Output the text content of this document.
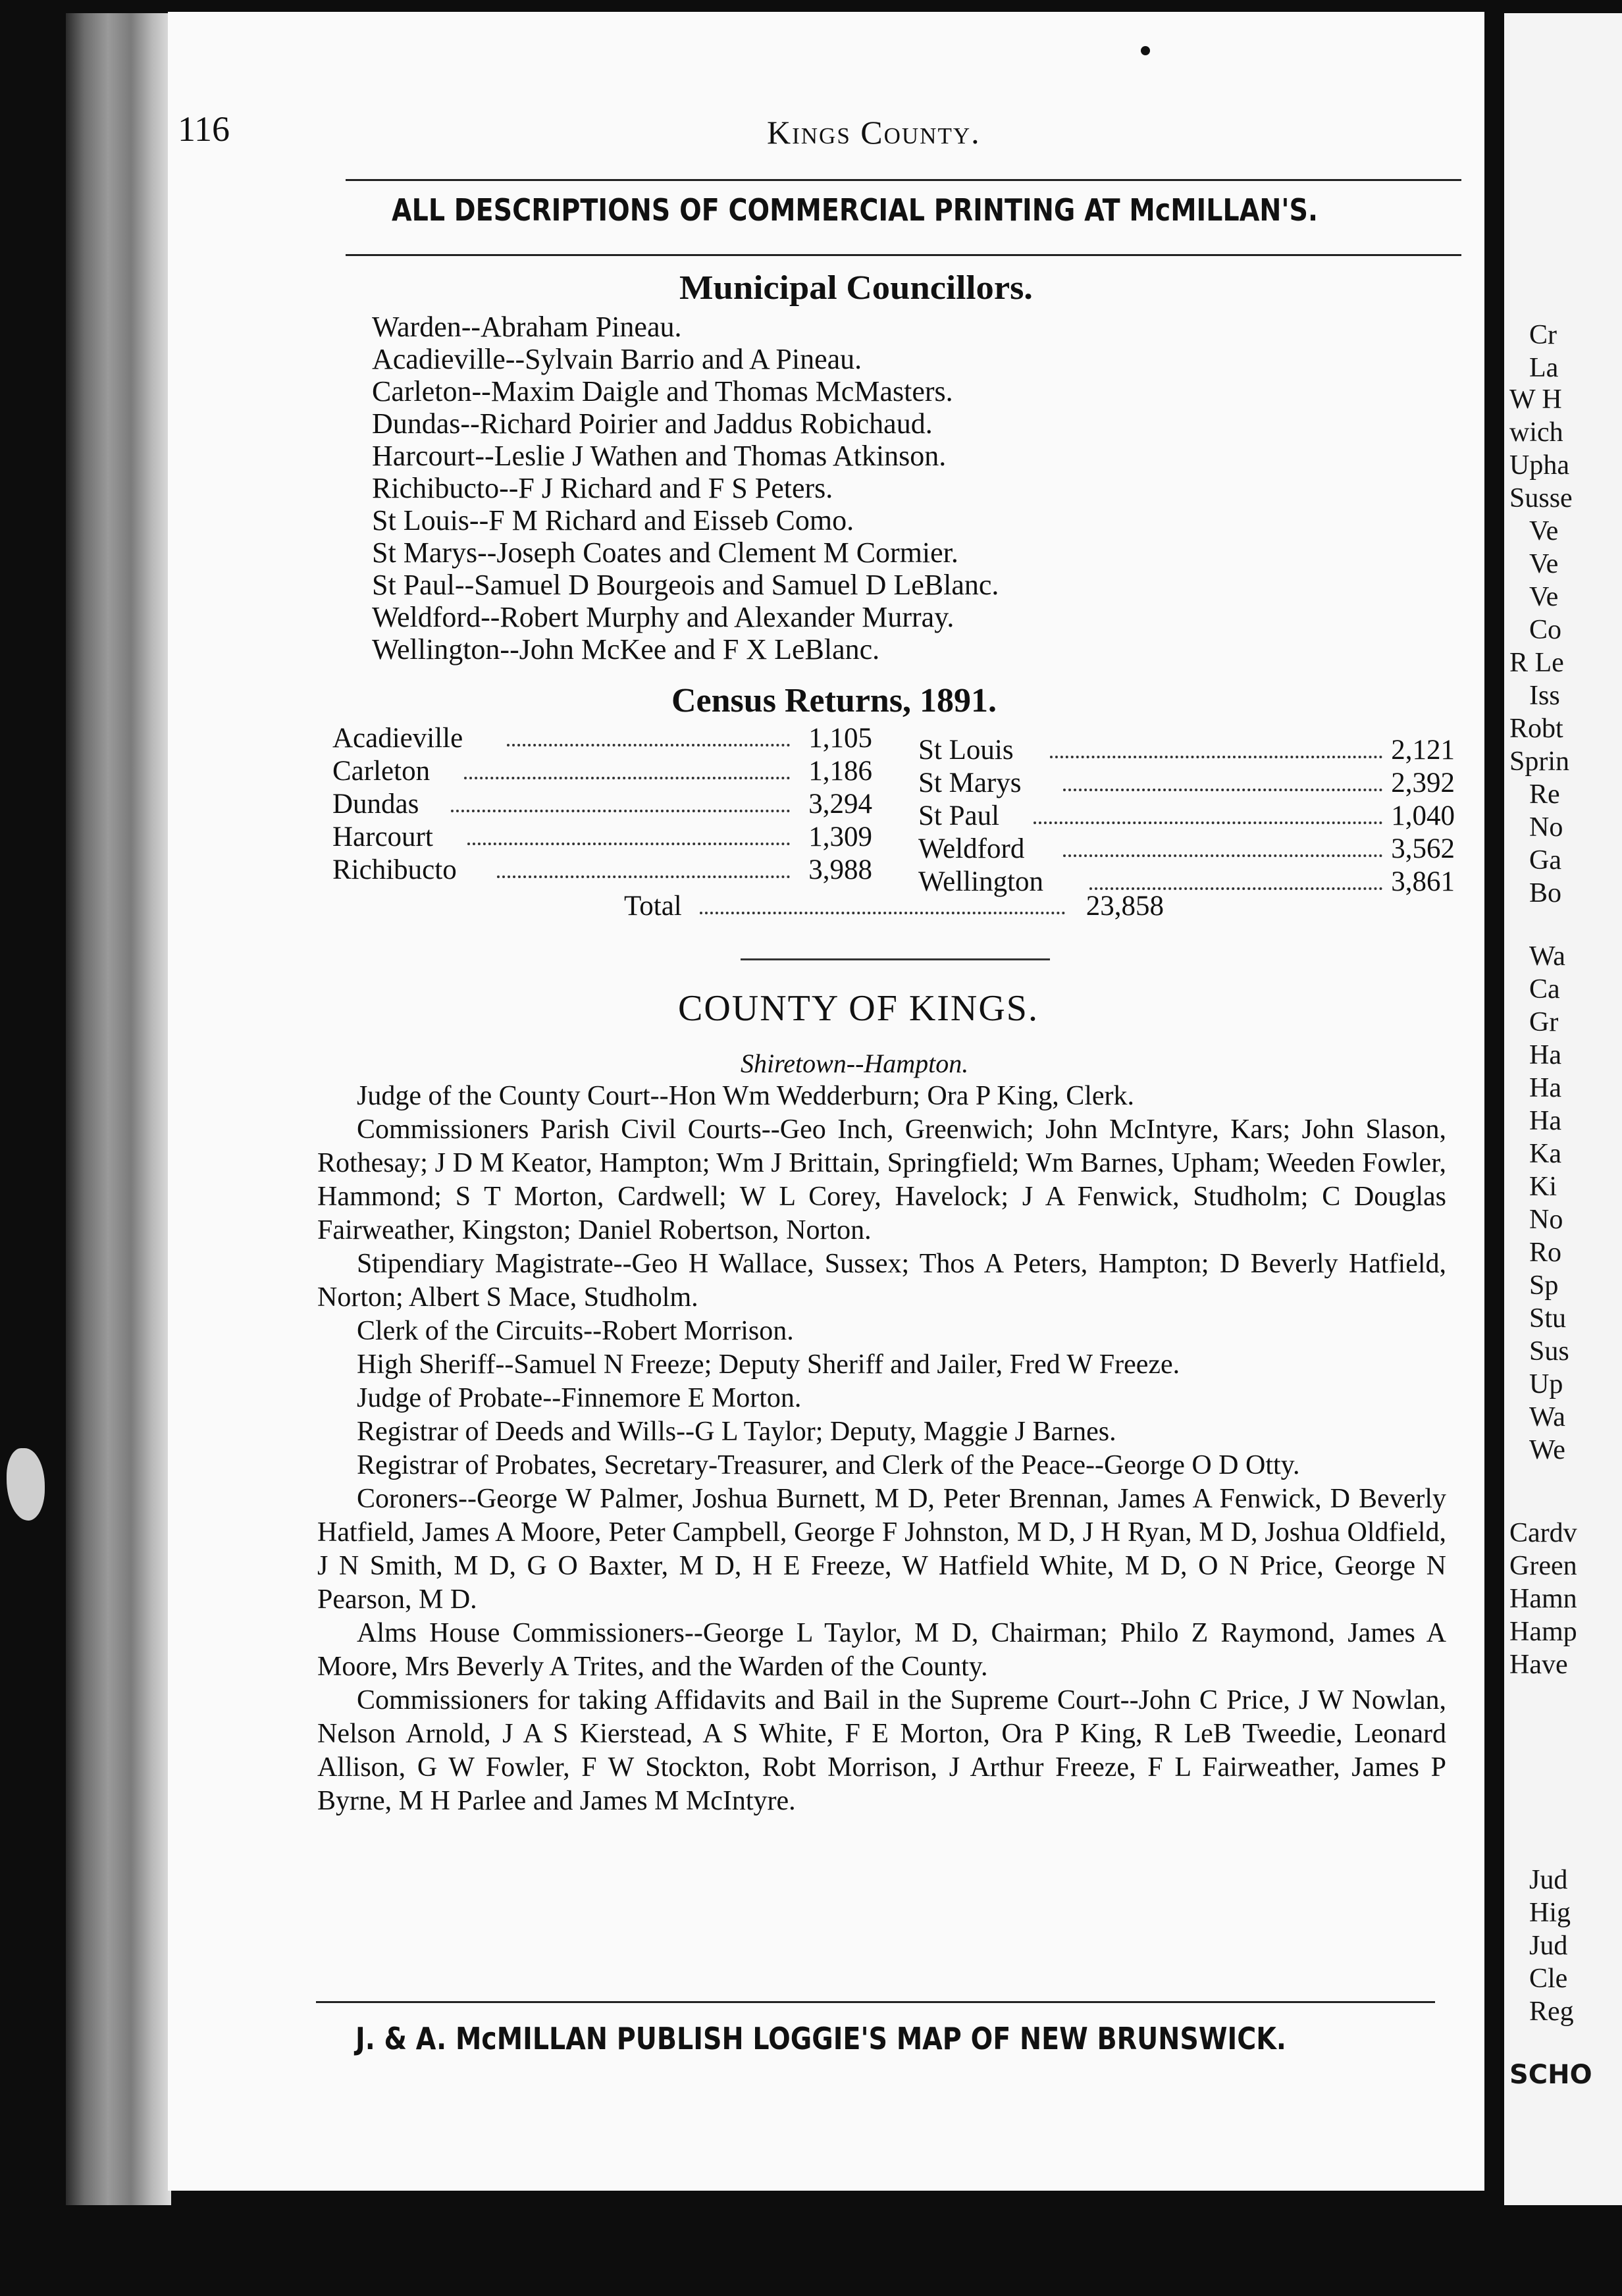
116	Kings County.
ALL DESCRIPTIONS OF COMMERCIAL PRINTING AT McMILLAN'S.
Municipal Councillors.
Warden--Abraham Pineau.
Acadieville--Sylvain Barrio and A Pineau.
Carleton--Maxim Daigle and Thomas McMasters.
Dundas--Richard Poirier and Jaddus Robichaud.
Harcourt--Leslie J Wathen and Thomas Atkinson.
Richibucto--F J Richard and F S Peters.
St Louis--F M Richard and Eisseb Como.
St Marys--Joseph Coates and Clement M Cormier.
St Paul--Samuel D Bourgeois and Samuel D LeBlanc.
Weldford--Robert Murphy and Alexander Murray.
Wellington--John McKee and F X LeBlanc.
Census Returns, 1891.
Acadieville	1,105
Carleton	1,186
Dundas	3,294
Harcourt	1,309
Richibucto	3,988
St Louis	2,121
St Marys	2,392
St Paul	1,040
Weldford	3,562
Wellington	3,861
Total	23,858
COUNTY OF KINGS.
Shiretown--Hampton.

Judge of the County Court--Hon Wm Wedderburn; Ora P King, Clerk.

Commissioners Parish Civil Courts--Geo Inch, Greenwich; John McIntyre, Kars; John Slason, Rothesay; J D M Keator, Hampton; Wm J Brittain, Springfield; Wm Barnes, Upham; Weeden Fowler, Hammond; S T Morton, Cardwell; W L Corey, Havelock; J A Fenwick, Studholm; C Douglas Fairweather, Kingston; Daniel Robertson, Norton.

Stipendiary Magistrate--Geo H Wallace, Sussex; Thos A Peters, Hampton; D Beverly Hatfield, Norton; Albert S Mace, Studholm.

Clerk of the Circuits--Robert Morrison.

High Sheriff--Samuel N Freeze; Deputy Sheriff and Jailer, Fred W Freeze.

Judge of Probate--Finnemore E Morton.

Registrar of Deeds and Wills--G L Taylor; Deputy, Maggie J Barnes.

Registrar of Probates, Secretary-Treasurer, and Clerk of the Peace--George O D Otty.

Coroners--George W Palmer, Joshua Burnett, M D, Peter Brennan, James A Fenwick, D Beverly Hatfield, James A Moore, Peter Campbell, George F Johnston, M D, J H Ryan, M D, Joshua Oldfield, J N Smith, M D, G O Baxter, M D, H E Freeze, W Hatfield White, M D, O N Price, George N Pearson, M D.

Alms House Commissioners--George L Taylor, M D, Chairman; Philo Z Raymond, James A Moore, Mrs Beverly A Trites, and the Warden of the County.

Commissioners for taking Affidavits and Bail in the Supreme Court--John C Price, J W Nowlan, Nelson Arnold, J A S Kierstead, A S White, F E Morton, Ora P King, R LeB Tweedie, Leonard Allison, G W Fowler, F W Stockton, Robt Morrison, J Arthur Freeze, F L Fairweather, James P Byrne, M H Parlee and James M McIntyre.

J. & A. McMILLAN PUBLISH LOGGIE'S MAP OF NEW BRUNSWICK.
Cr
La
W H
wich
Upha
Susse
Ve
Ve
Ve
Co
R Le
Iss
Robt
Sprin
Re
No
Ga
Bo
Wa
Ca
Gr
Ha
Ha
Ha
Ka
Ki
No
Ro
Sp
Stu
Sus
Up
Wa
We
Cardv
Green
Hamn
Hamp
Have
Jud
Hig
Jud
Cle
Reg
SCHO
